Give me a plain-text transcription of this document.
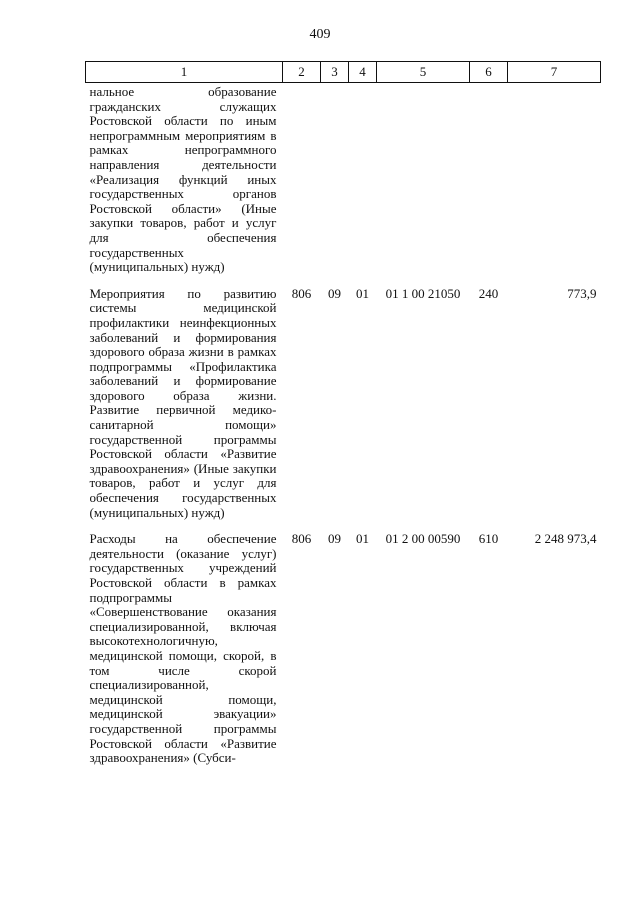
409
1	2	3	4	5	6	7
нальное образование гражданских служащих Ростовской области по иным непрограммным мероприятиям в рамках непрограммного направления деятельности «Реализация функций иных государственных органов Ростовской области» (Иные закупки товаров, работ и услуг для обеспечения государственных (муниципальных) нужд)						
Мероприятия по развитию системы медицинской профилактики неинфекционных заболеваний и формирования здорового образа жизни в рамках подпрограммы «Профилактика заболеваний и формирование здорового образа жизни. Развитие первичной медико-санитарной помощи» государственной программы Ростовской области «Развитие здравоохранения» (Иные закупки товаров, работ и услуг для обеспечения государственных (муниципальных) нужд)	806	09	01	01 1 00 21050	240	773,9
Расходы на обеспечение деятельности (оказание услуг) государственных учреждений Ростовской области в рамках подпрограммы «Совершенствование оказания специализированной, включая высокотехнологичную, медицинской помощи, скорой, в том числе скорой специализированной, медицинской помощи, медицинской эвакуации» государственной программы Ростовской области «Развитие здравоохранения» (Субси-	806	09	01	01 2 00 00590	610	2 248 973,4
